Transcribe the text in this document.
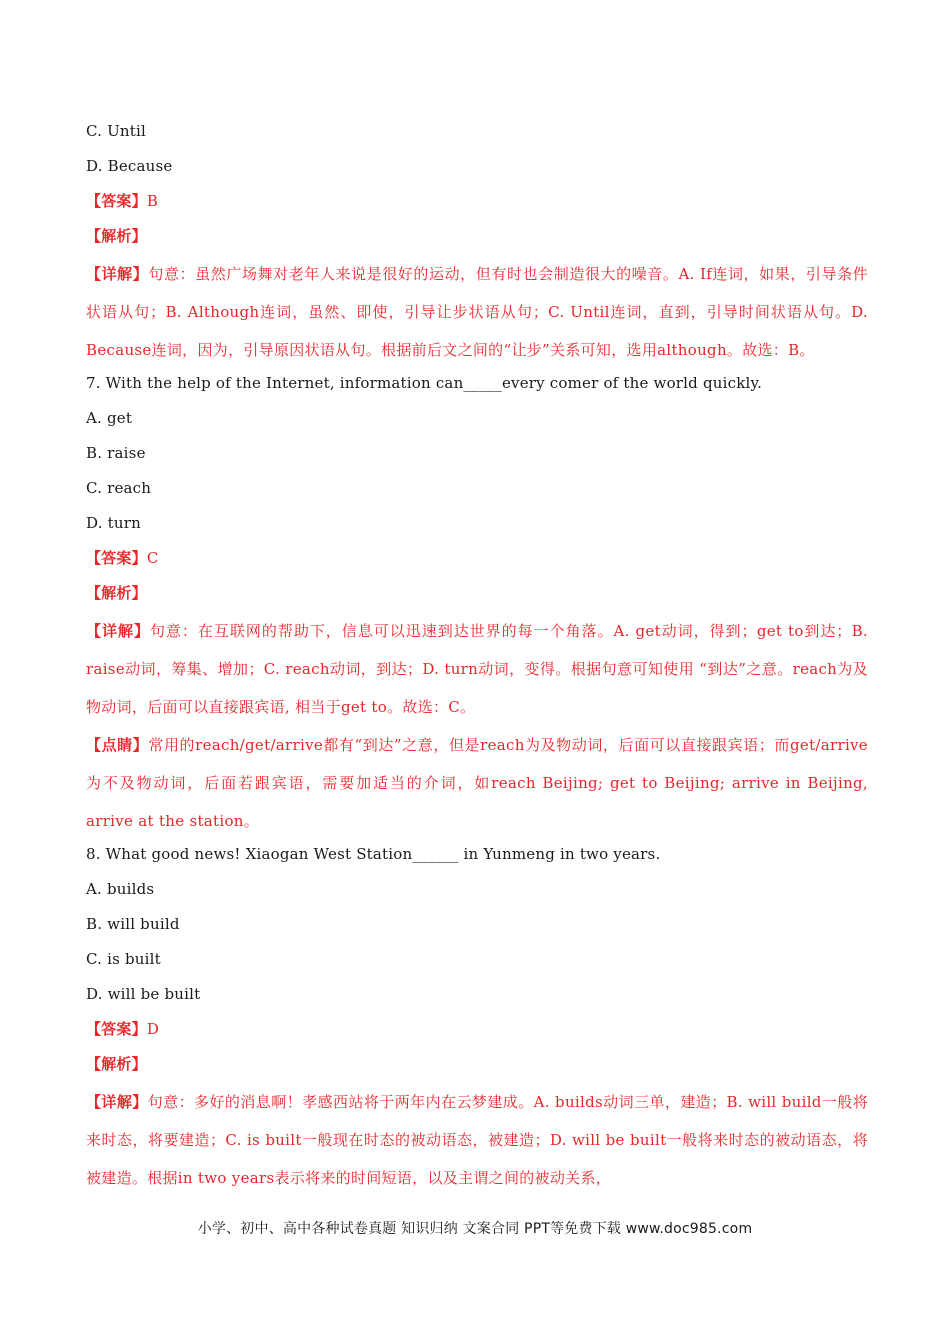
C. Until
D. Because
【答案】B
【解析】
【详解】句意：虽然广场舞对老年人来说是很好的运动，但有时也会制造很大的噪音。A. If连词，如果，引导条件状语从句；B. Although连词，虽然、即使，引导让步状语从句；C. Until连词，直到，引导时间状语从句。D. Because连词，因为，引导原因状语从句。根据前后文之间的“让步”关系可知，选用although。故选：B。
7. With the help of the Internet, information can_____every comer of the world quickly.
A. get
B. raise
C. reach
D. turn
【答案】C
【解析】
【详解】句意：在互联网的帮助下，信息可以迅速到达世界的每一个角落。A. get动词，得到；get to到达；B. raise动词，筹集、增加；C. reach动词，到达；D. turn动词，变得。根据句意可知使用 “到达”之意。reach为及物动词，后面可以直接跟宾语, 相当于get to。故选：C。
【点睛】常用的reach/get/arrive都有“到达”之意，但是reach为及物动词，后面可以直接跟宾语；而get/arrive为不及物动词，后面若跟宾语，需要加适当的介词，如reach Beijing; get to Beijing; arrive in Beijing, arrive at the station。
8. What good news! Xiaogan West Station______ in Yunmeng in two years.
A. builds
B. will build
C. is built
D. will be built
【答案】D
【解析】
【详解】句意：多好的消息啊！孝感西站将于两年内在云梦建成。A. builds动词三单，建造；B. will build一般将来时态，将要建造；C. is built一般现在时态的被动语态，被建造；D. will be built一般将来时态的被动语态，将被建造。根据in two years表示将来的时间短语，以及主谓之间的被动关系，
小学、初中、高中各种试卷真题 知识归纳 文案合同 PPT等免费下载 www.doc985.com
